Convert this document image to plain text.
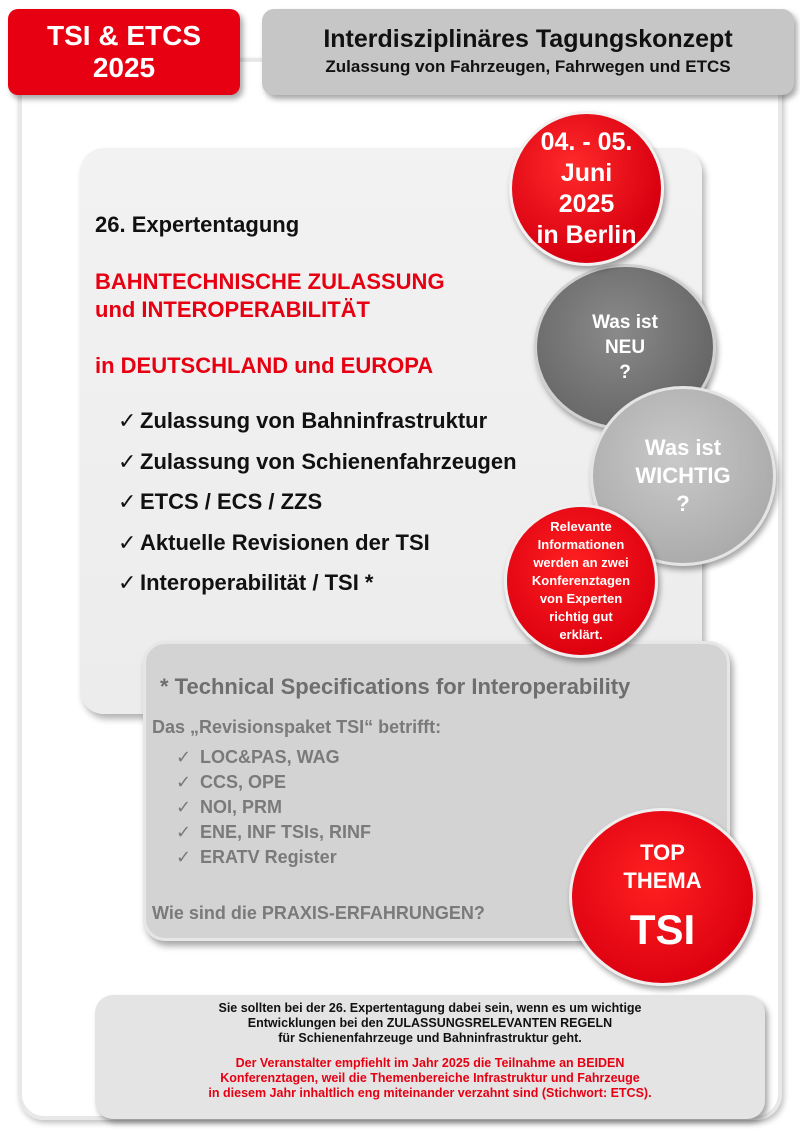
TSI & ETCS
2025
Interdisziplinäres Tagungskonzept
Zulassung von Fahrzeugen, Fahrwegen und ETCS
26. Expertentagung
BAHNTECHNISCHE ZULASSUNG
und INTEROPERABILITÄT
in DEUTSCHLAND und EUROPA
✓ Zulassung von Bahninfrastruktur
✓ Zulassung von Schienenfahrzeugen
✓ ETCS / ECS / ZZS
✓ Aktuelle Revisionen der TSI
✓ Interoperabilität / TSI *
Was ist
NEU
?
Was ist
WICHTIG
?
04. - 05.
Juni
2025
in Berlin
Relevante
Informationen
werden an zwei
Konferenztagen
von Experten
richtig gut
erklärt.
* Technical Specifications for Interoperability
Das „Revisionspaket TSI“ betrifft:
✓ LOC&PAS, WAG
✓ CCS, OPE
✓ NOI, PRM
✓ ENE, INF TSIs, RINF
✓ ERATV Register
Wie sind die PRAXIS-ERFAHRUNGEN?
TOP
THEMA
TSI

Sie sollten bei der 26. Expertentagung dabei sein, wenn es um wichtige

Entwicklungen bei den ZULASSUNGSRELEVANTEN REGELN

für Schienenfahrzeuge und Bahninfrastruktur geht.

Der Veranstalter empfiehlt im Jahr 2025 die Teilnahme an BEIDEN

Konferenztagen, weil die Themenbereiche Infrastruktur und Fahrzeuge

in diesem Jahr inhaltlich eng miteinander verzahnt sind (Stichwort: ETCS).
